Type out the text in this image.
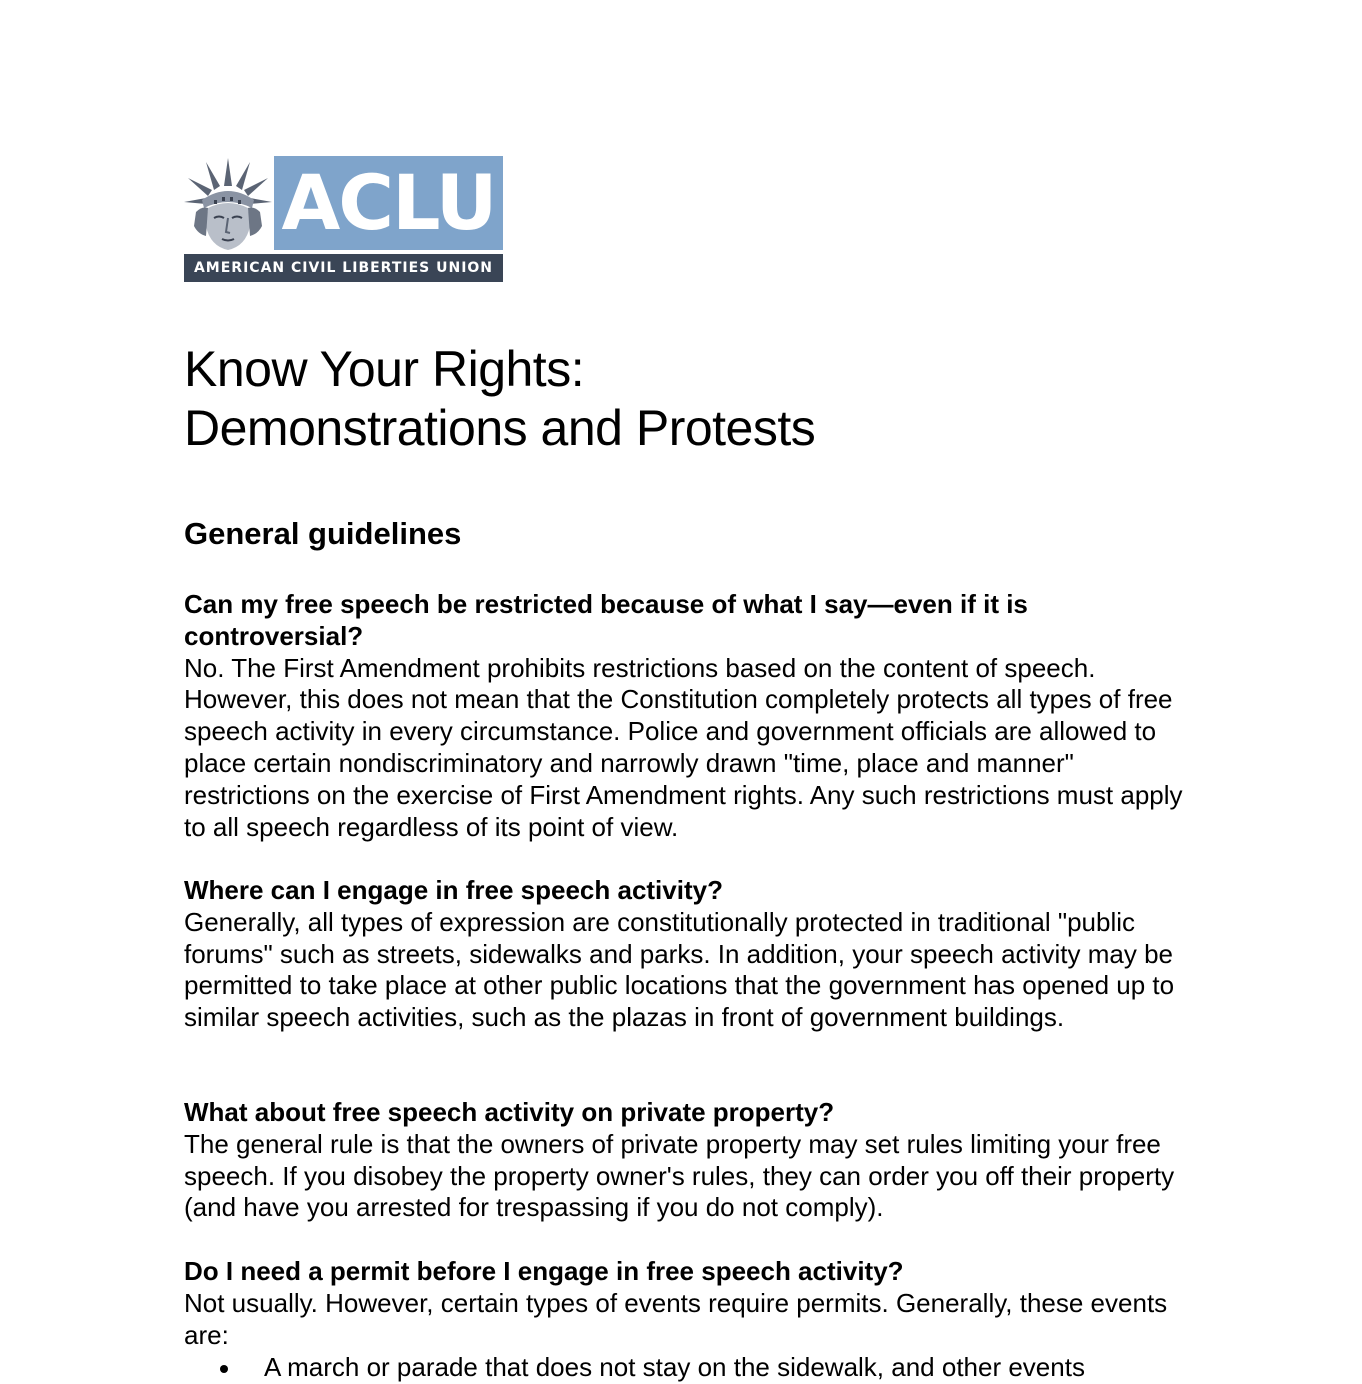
ACLU
AMERICAN CIVIL LIBERTIES UNION
Know Your Rights:
Demonstrations and Protests
General guidelines
Can my free speech be restricted because of what I say—even if it is controversial?
No. The First Amendment prohibits restrictions based on the content of speech. However, this does not mean that the Constitution completely protects all types of free speech activity in every circumstance. Police and government officials are allowed to place certain nondiscriminatory and narrowly drawn "time, place and manner" restrictions on the exercise of First Amendment rights. Any such restrictions must apply to all speech regardless of its point of view.
Where can I engage in free speech activity?
Generally, all types of expression are constitutionally protected in traditional "public forums" such as streets, sidewalks and parks. In addition, your speech activity may be permitted to take place at other public locations that the government has opened up to similar speech activities, such as the plazas in front of government buildings.
What about free speech activity on private property?
The general rule is that the owners of private property may set rules limiting your free speech. If you disobey the property owner's rules, they can order you off their property (and have you arrested for trespassing if you do not comply).
Do I need a permit before I engage in free speech activity?
Not usually. However, certain types of events require permits. Generally, these events are:
A march or parade that does not stay on the sidewalk, and other events
